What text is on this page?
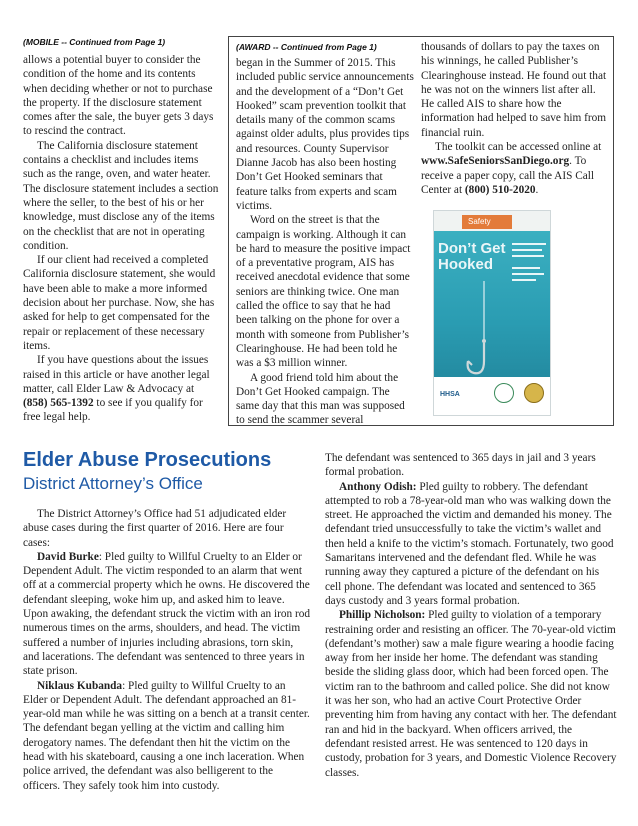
(MOBILE -- Continued from Page 1)

allows a potential buyer to consider the condition of the home and its contents when deciding whether or not to purchase the property. If the disclosure statement comes after the sale, the buyer gets 3 days to rescind the contract.

The California disclosure statement contains a checklist and includes items such as the range, oven, and water heater. The disclosure statement includes a section where the seller, to the best of his or her knowledge, must disclose any of the items on the checklist that are not in operating condition.

If our client had received a completed California disclosure statement, she would have been able to make a more informed decision about her purchase. Now, she has asked for help to get compensated for the repair or replacement of these necessary items.

If you have questions about the issues raised in this article or have another legal matter, call Elder Law & Advocacy at (858) 565-1392 to see if you qualify for free legal help.

(AWARD -- Continued from Page 1)

began in the Summer of 2015. This included public service announcements and the development of a “Don’t Get Hooked” scam prevention toolkit that details many of the common scams against older adults, plus provides tips and resources. County Supervisor Dianne Jacob has also been hosting Don’t Get Hooked seminars that feature talks from experts and scam victims.

Word on the street is that the campaign is working. Although it can be hard to measure the positive impact of a preventative program, AIS has received anecdotal evidence that some seniors are thinking twice. One man called the office to say that he had been talking on the phone for over a month with someone from Publisher’s Clearinghouse. He had been told he was a $3 million winner.

A good friend told him about the Don’t Get Hooked campaign. The same day that this man was supposed to send the scammer several

thousands of dollars to pay the taxes on his winnings, he called Publisher’s Clearinghouse instead. He found out that he was not on the winners list after all. He called AIS to share how the information had helped to save him from financial ruin.

The toolkit can be accessed online at www.SafeSeniorsSanDiego.org. To receive a paper copy, call the AIS Call Center at (800) 510-2020.

Safety
Don’t Get Hooked
HHSA
Elder Abuse Prosecutions
District Attorney’s Office

The District Attorney’s Office had 51 adjudicated elder abuse cases during the first quarter of 2016. Here are four cases:

David Burke: Pled guilty to Willful Cruelty to an Elder or Dependent Adult. The victim responded to an alarm that went off at a commercial property which he owns. He discovered the defendant sleeping, woke him up, and asked him to leave. Upon awaking, the defendant struck the victim with an iron rod numerous times on the arms, shoulders, and head. The victim suffered a number of injuries including abrasions, torn skin, and lacerations. The defendant was sentenced to three years in state prison.

Niklaus Kubanda: Pled guilty to Willful Cruelty to an Elder or Dependent Adult. The defendant approached an 81-year-old man while he was sitting on a bench at a transit center. The defendant began yelling at the victim and calling him derogatory names. The defendant then hit the victim on the head with his skateboard, causing a one inch laceration. When police arrived, the defendant was also belligerent to the officers. They safely took him into custody.

The defendant was sentenced to 365 days in jail and 3 years formal probation.

Anthony Odish: Pled guilty to robbery. The defendant attempted to rob a 78-year-old man who was walking down the street. He approached the victim and demanded his money. The defendant tried unsuccessfully to take the victim’s wallet and then held a knife to the victim’s stomach. Fortunately, two good Samaritans intervened and the defendant fled. While he was running away they captured a picture of the defendant on his cell phone. The defendant was located and sentenced to 365 days custody and 3 years formal probation.

Phillip Nicholson: Pled guilty to violation of a temporary restraining order and resisting an officer. The 70-year-old victim (defendant’s mother) saw a male figure wearing a hoodie facing away from her inside her home. The defendant was standing beside the sliding glass door, which had been forced open. The victim ran to the bathroom and called police. She did not know it was her son, who had an active Court Protective Order preventing him from having any contact with her. The defendant ran and hid in the backyard. When officers arrived, the defendant resisted arrest. He was sentenced to 120 days in custody, probation for 3 years, and Domestic Violence Recovery classes.
